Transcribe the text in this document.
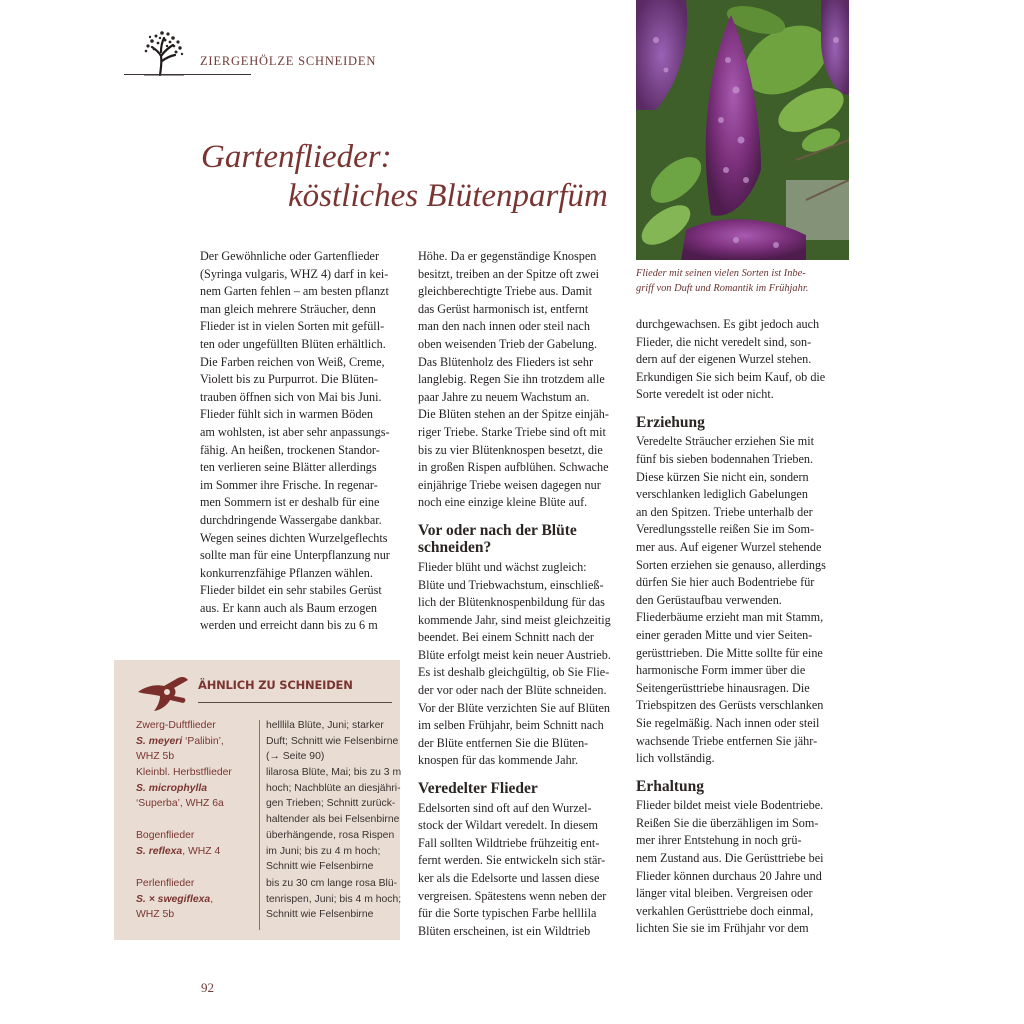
ZIERGEHÖLZE SCHNEIDEN
Gartenflieder:
köstliches Blütenparfüm
Flieder mit seinen vielen Sorten ist Inbe-
griff von Duft und Romantik im Frühjahr.

Der Gewöhnliche oder Gartenflieder

(Syringa vulgaris, WHZ 4) darf in kei-

nem Garten fehlen – am besten pflanzt

man gleich mehrere Sträucher, denn

Flieder ist in vielen Sorten mit gefüll-

ten oder ungefüllten Blüten erhältlich.

Die Farben reichen von Weiß, Creme,

Violett bis zu Purpurrot. Die Blüten-

trauben öffnen sich von Mai bis Juni.

Flieder fühlt sich in warmen Böden

am wohlsten, ist aber sehr anpassungs-

fähig. An heißen, trockenen Standor-

ten verlieren seine Blätter allerdings

im Sommer ihre Frische. In regenar-

men Sommern ist er deshalb für eine

durchdringende Wassergabe dankbar.

Wegen seines dichten Wurzelgeflechts

sollte man für eine Unterpflanzung nur

konkurrenzfähige Pflanzen wählen.

Flieder bildet ein sehr stabiles Gerüst

aus. Er kann auch als Baum erzogen

werden und erreicht dann bis zu 6 m

Höhe. Da er gegenständige Knospen

besitzt, treiben an der Spitze oft zwei

gleichberechtigte Triebe aus. Damit

das Gerüst harmonisch ist, entfernt

man den nach innen oder steil nach

oben weisenden Trieb der Gabelung.

Das Blütenholz des Flieders ist sehr

langlebig. Regen Sie ihn trotzdem alle

paar Jahre zu neuem Wachstum an.

Die Blüten stehen an der Spitze einjäh-

riger Triebe. Starke Triebe sind oft mit

bis zu vier Blütenknospen besetzt, die

in großen Rispen aufblühen. Schwache

einjährige Triebe weisen dagegen nur

noch eine einzige kleine Blüte auf.

Vor oder nach der Blüte
schneiden?

Flieder blüht und wächst zugleich:

Blüte und Triebwachstum, einschließ-

lich der Blütenknospenbildung für das

kommende Jahr, sind meist gleichzeitig

beendet. Bei einem Schnitt nach der

Blüte erfolgt meist kein neuer Austrieb.

Es ist deshalb gleichgültig, ob Sie Flie-

der vor oder nach der Blüte schneiden.

Vor der Blüte verzichten Sie auf Blüten

im selben Frühjahr, beim Schnitt nach

der Blüte entfernen Sie die Blüten-

knospen für das kommende Jahr.

Veredelter Flieder

Edelsorten sind oft auf den Wurzel-

stock der Wildart veredelt. In diesem

Fall sollten Wildtriebe frühzeitig ent-

fernt werden. Sie entwickeln sich stär-

ker als die Edelsorte und lassen diese

vergreisen. Spätestens wenn neben der

für die Sorte typischen Farbe helllila

Blüten erscheinen, ist ein Wildtrieb

durchgewachsen. Es gibt jedoch auch

Flieder, die nicht veredelt sind, son-

dern auf der eigenen Wurzel stehen.

Erkundigen Sie sich beim Kauf, ob die

Sorte veredelt ist oder nicht.

Erziehung

Veredelte Sträucher erziehen Sie mit

fünf bis sieben bodennahen Trieben.

Diese kürzen Sie nicht ein, sondern

verschlanken lediglich Gabelungen

an den Spitzen. Triebe unterhalb der

Veredlungsstelle reißen Sie im Som-

mer aus. Auf eigener Wurzel stehende

Sorten erziehen sie genauso, allerdings

dürfen Sie hier auch Bodentriebe für

den Gerüstaufbau verwenden.

Fliederbäume erzieht man mit Stamm,

einer geraden Mitte und vier Seiten-

gerüsttrieben. Die Mitte sollte für eine

harmonische Form immer über die

Seitengerüsttriebe hinausragen. Die

Triebspitzen des Gerüsts verschlanken

Sie regelmäßig. Nach innen oder steil

wachsende Triebe entfernen Sie jähr-

lich vollständig.

Erhaltung

Flieder bildet meist viele Bodentriebe.

Reißen Sie die überzähligen im Som-

mer ihrer Entstehung in noch grü-

nem Zustand aus. Die Gerüsttriebe bei

Flieder können durchaus 20 Jahre und

länger vital bleiben. Vergreisen oder

verkahlen Gerüsttriebe doch einmal,

lichten Sie sie im Frühjahr vor dem

ÄHNLICH ZU SCHNEIDEN
Zwerg-Duftflieder
S. meyeri ‘Palibin’,
WHZ 5b
helllila Blüte, Juni; starker
Duft; Schnitt wie Felsenbirne
(→ Seite 90)
Kleinbl. Herbstflieder
S. microphylla
‘Superba’, WHZ 6a
lilarosa Blüte, Mai; bis zu 3 m
hoch; Nachblüte an diesjähri-
gen Trieben; Schnitt zurück-
haltender als bei Felsenbirne
Bogenflieder
S. reflexa, WHZ 4
überhängende, rosa Rispen
im Juni; bis zu 4 m hoch;
Schnitt wie Felsenbirne
Perlenflieder
S. × swegiflexa,
WHZ 5b
bis zu 30 cm lange rosa Blü-
tenrispen, Juni; bis 4 m hoch;
Schnitt wie Felsenbirne
92
